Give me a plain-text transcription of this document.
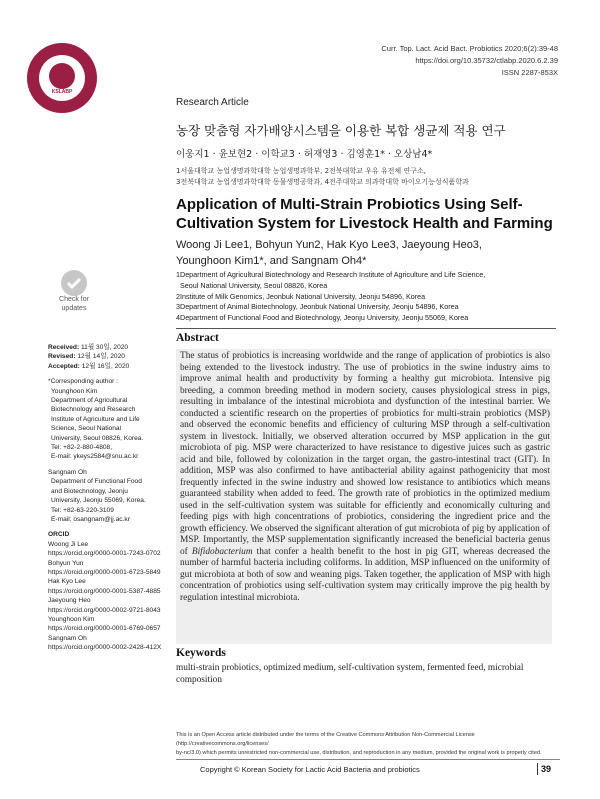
KSLABP
Curr. Top. Lact. Acid Bact. Probiotics 2020;6(2):39-48
https://doi.org/10.35732/ctlabp.2020.6.2.39
ISSN 2287-853X
Research Article
농장 맞춤형 자가배양시스템을 이용한 복합 생균제 적용 연구
이웅지1 · 윤보현2 · 이학교3 · 허재영3 · 김영훈1* · 오상남4*
1서울대학교 농업생명과학대학 농업생명과학부, 2전북대학교 우유 유전체 연구소,
3전북대학교 농업생명과학대학 동물생명공학과, 4전주대학교 의과학대학 바이오기능성식품학과
Application of Multi-Strain Probiotics Using Self-Cultivation System for Livestock Health and Farming
Woong Ji Lee1, Bohyun Yun2, Hak Kyo Lee3, Jaeyoung Heo3,
Younghoon Kim1*, and Sangnam Oh4*
1Department of Agricultural Biotechnology and Research Institute of Agriculture and Life Science,
Seoul National University, Seoul 08826, Korea
2Institute of Milk Genomics, Jeonbuk National University, Jeonju 54896, Korea
3Department of Animal Biotechnology, Jeonbuk National University, Jeonju 54896, Korea
4Department of Functional Food and Biotechnology, Jeonju University, Jeonju 55069, Korea
Check for
updates
Received: 11월 30일, 2020
Revised: 12월 14일, 2020
Accepted: 12월 16일, 2020
*Corresponding author :
Younghoon Kim
Department of Agricultural
Biotechnology and Research
Institute of Agriculture and Life
Science, Seoul National
University, Seoul 08826, Korea.
Tel: +82-2-880-4808,
E-mail: ykeys2584@snu.ac.kr
Sangnam Oh
Department of Functional Food
and Biotechnology, Jeonju
University, Jeonju 55069, Korea.
Tel: +82-63-220-3109
E-mail: osangnam@jj.ac.kr
ORCID
Woong Ji Lee
https://orcid.org/0000-0001-7243-0702
Bohyun Yun
https://orcid.org/0000-0001-6723-5849
Hak Kyo Lee
https://orcid.org/0000-0001-5387-4885
Jaeyoung Heo
https://orcid.org/0000-0002-9721-8043
Younghoon Kim
https://orcid.org/0000-0001-6769-0657
Sangnam Oh
https://orcid.org/0000-0002-2428-412X
Abstract
The status of probiotics is increasing worldwide and the range of application of probiotics is also being extended to the livestock industry. The use of probiotics in the swine industry aims to improve animal health and productivity by forming a healthy gut microbiota. Intensive pig breeding, a common breeding method in modern society, causes physiological stress in pigs, resulting in imbalance of the intestinal microbiota and dysfunction of the intestinal barrier. We conducted a scientific research on the properties of probiotics for multi-strain probiotics (MSP) and observed the economic benefits and efficiency of culturing MSP through a self-cultivation system in livestock. Initially, we observed alteration occurred by MSP application in the gut microbiota of pig. MSP were characterized to have resistance to digestive juices such as gastric acid and bile, followed by colonization in the target organ, the gastro-intestinal tract (GIT). In addition, MSP was also confirmed to have antibacterial ability against pathogenicity that most frequently infected in the swine industry and showed low resistance to antibiotics which means guaranteed stability when added to feed. The growth rate of probiotics in the optimized medium used in the self-cultivation system was suitable for efficiently and economically culturing and feeding pigs with high concentrations of probiotics, considering the ingredient price and the growth efficiency. We observed the significant alteration of gut microbiota of pig by application of MSP. Importantly, the MSP supplementation significantly increased the beneficial bacteria genus of Bifidobacterium that confer a health benefit to the host in pig GIT, whereas decreased the number of harmful bacteria including coliforms. In addition, MSP influenced on the uniformity of gut microbiota at both of sow and weaning pigs. Taken together, the application of MSP with high concentration of probiotics using self-cultivation system may critically improve the pig health by regulation intestinal microbiota.
Keywords
multi-strain probiotics, optimized medium, self-cultivation system, fermented feed, microbial composition
This is an Open Access article distributed under the terms of the Creative Commons Attribution Non-Commercial License (http://creativecommons.org/licenses/
by-nc/3.0) which permits unrestricted non-commercial use, distribution, and reproduction in any medium, provided the original work is properly cited.
Copyright © Korean Society for Lactic Acid Bacteria and probiotics	39
